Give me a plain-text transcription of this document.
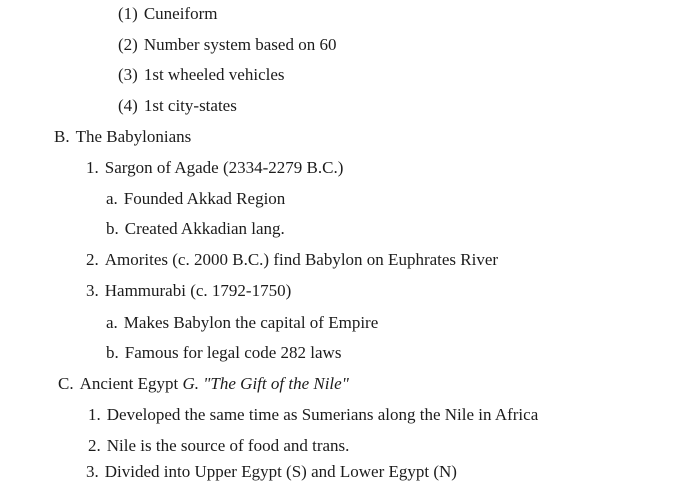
(1) Cuneiform
(2) Number system based on 60
(3) 1st wheeled vehicles
(4) 1st city-states
B. The Babylonians
1. Sargon of Agade (2334-2279 B.C.)
a. Founded Akkad Region
b. Created Akkadian lang.
2. Amorites (c. 2000 B.C.) find Babylon on Euphrates River
3. Hammurabi (c. 1792-1750)
a. Makes Babylon the capital of Empire
b. Famous for legal code 282 laws
C. Ancient Egypt G. "The Gift of the Nile"
1. Developed the same time as Sumerians along the Nile in Africa
2. Nile is the source of food and trans.
3. Divided into Upper Egypt (S) and Lower Egypt (N)
